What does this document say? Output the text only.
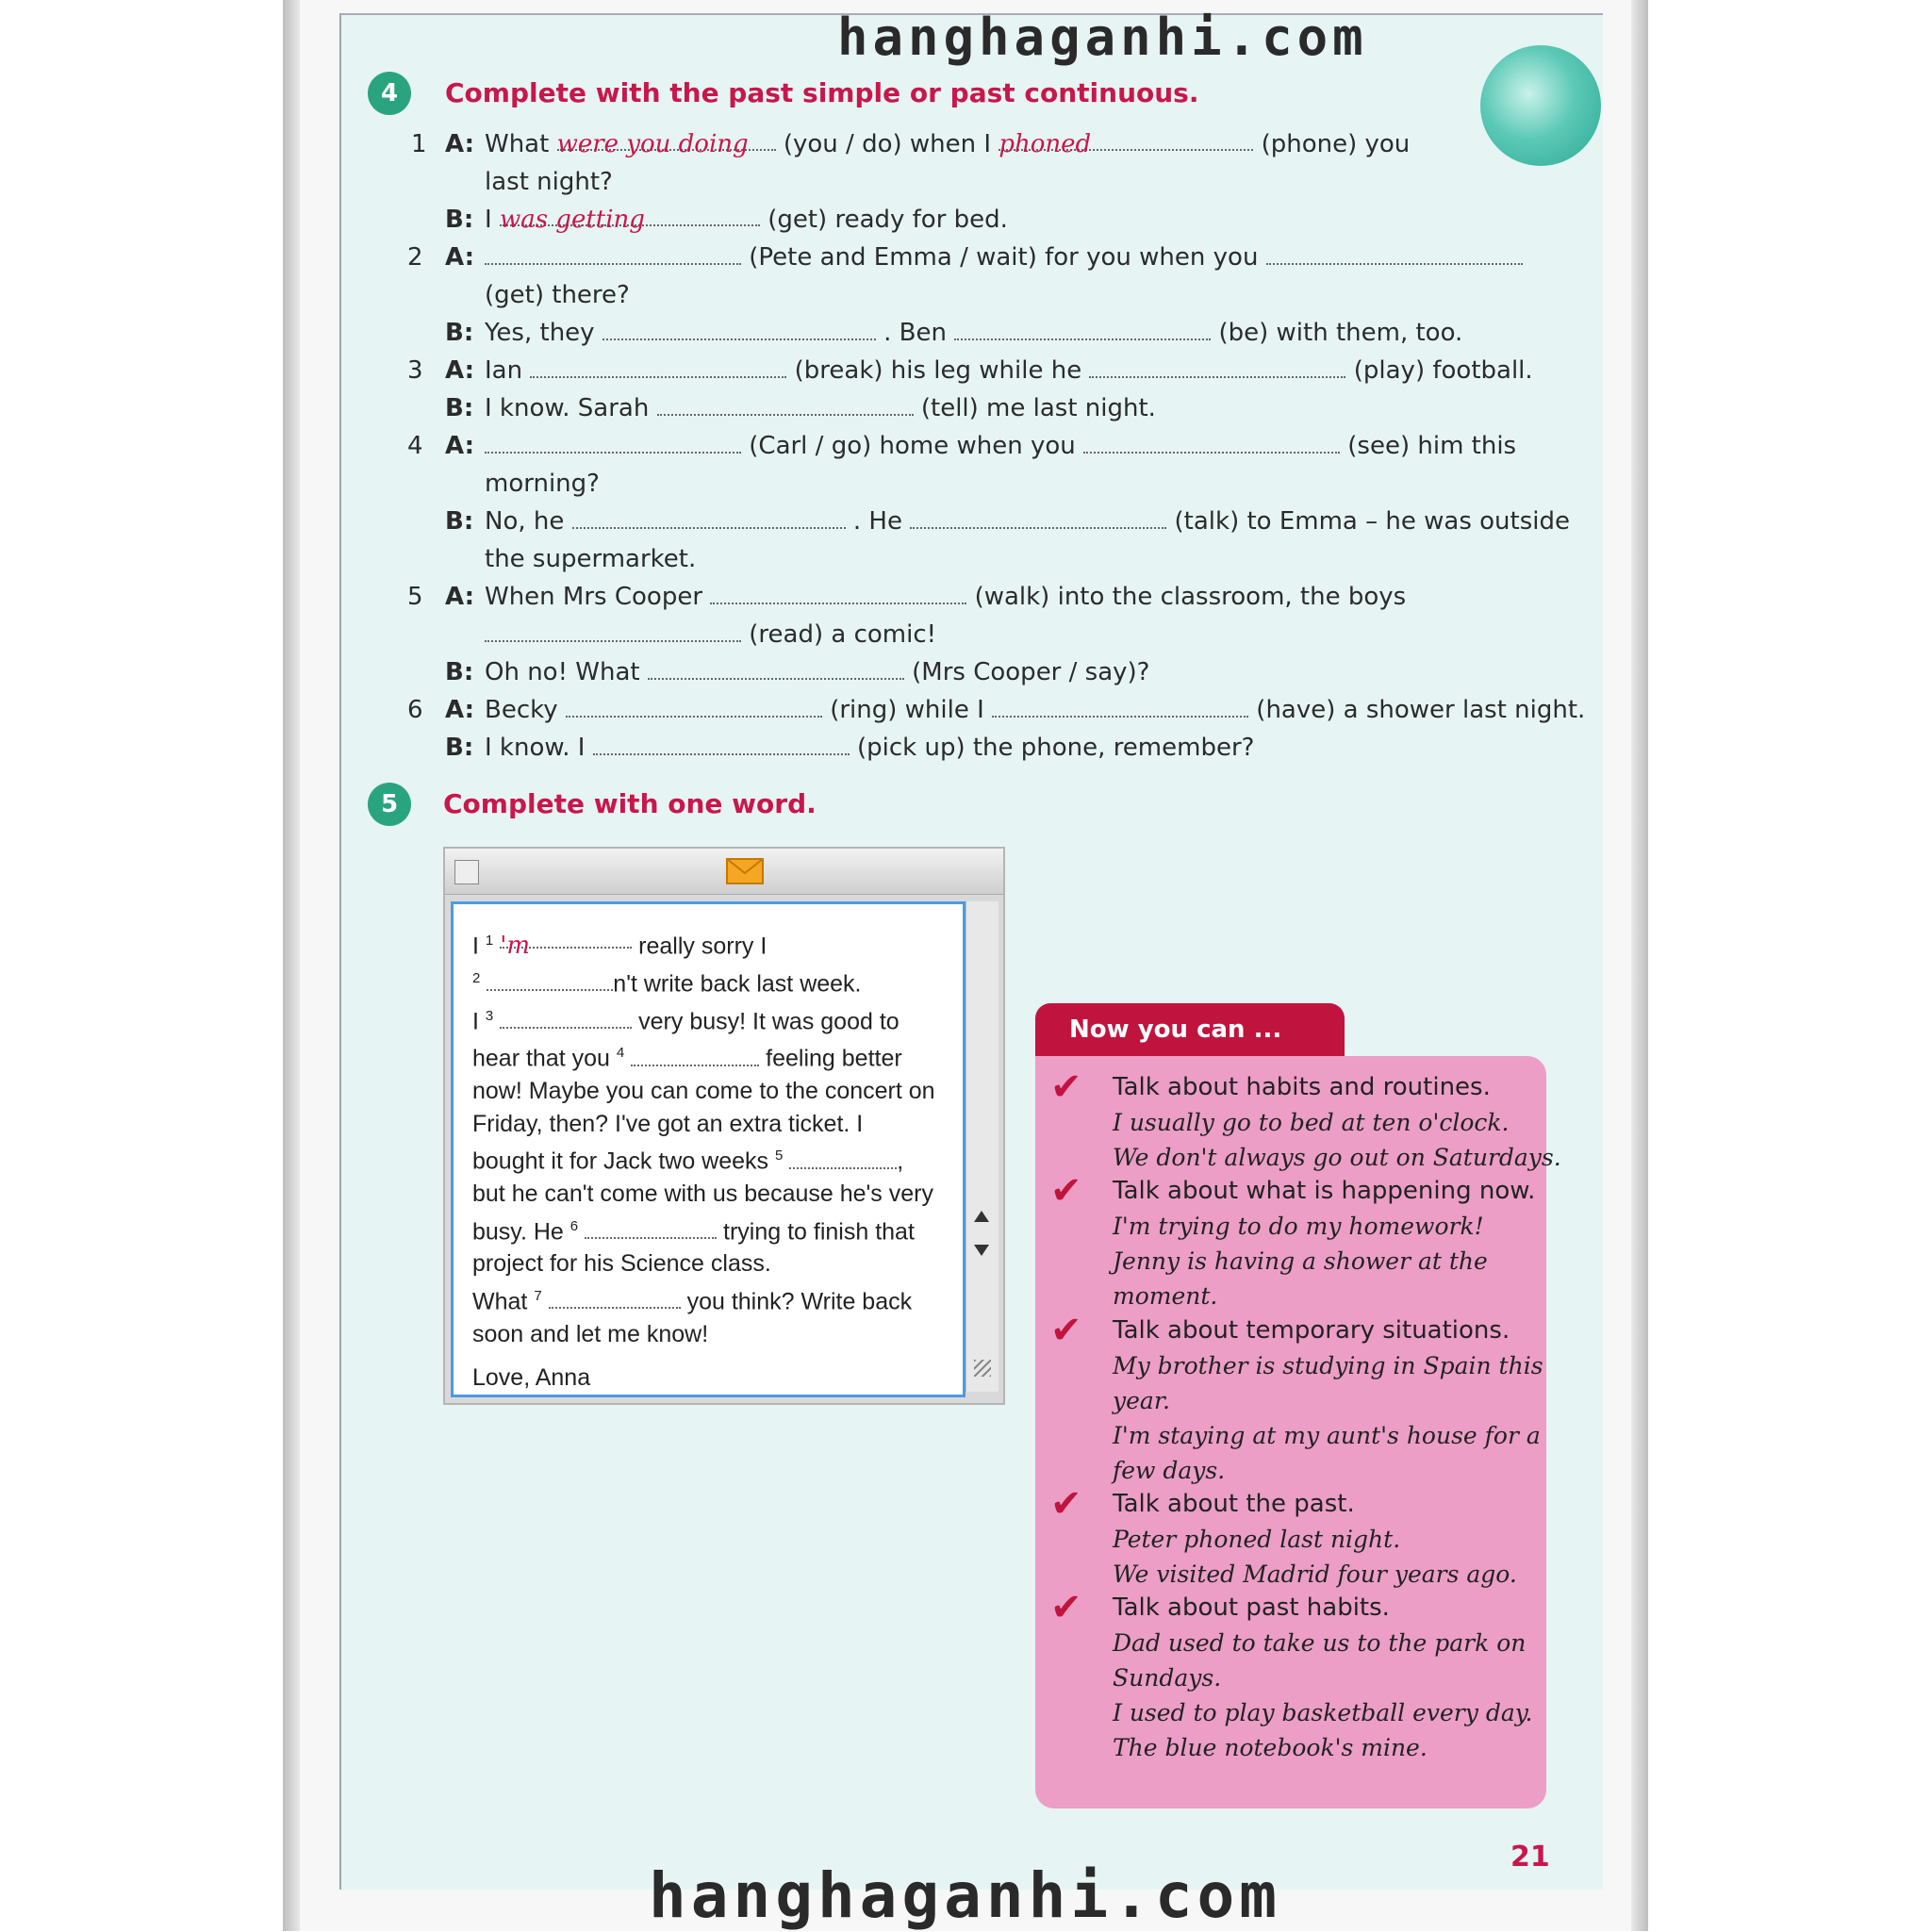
hanghaganhi.com
4	Complete with the past simple or past continuous.
1 A: What were you doing (you / do) when I phoned	(phone) you
last night?
B: I was getting	(get) ready for bed.
2 A:	(Pete and Emma / wait) for you when you
(get) there?
B: Yes, they	. Ben	(be) with them, too.
3 A: Ian	(break) his leg while he	(play) football.
B: I know. Sarah	(tell) me last night.
4 A:	(Carl / go) home when you	(see) him this
morning?
B: No, he	. He	(talk) to Emma – he was outside
the supermarket.
5 A: When Mrs Cooper	(walk) into the classroom, the boys
(read) a comic!
B: Oh no! What	(Mrs Cooper / say)?
6 A: Becky	(ring) while I	(have) a shower last night.
B: I know. I	(pick up) the phone, remember?
5	Complete with one word.
I $^1$ 'm	really sorry I
$^2$	n't write back last week.
I $^3$	very busy! It was good to
hear that you $^4$	feeling better
now! Maybe you can come to the concert on
Friday, then? I've got an extra ticket. I
bought it for Jack two weeks $^5$	,
but he can't come with us because he's very
busy. He $^6$	trying to finish that
project for his Science class.
What $^7$	you think? Write back
soon and let me know!

Love, Anna
Now you can ...
✔ Talk about habits and routines.
I usually go to bed at ten o'clock.
We don't always go out on Saturdays.
✔ Talk about what is happening now.
I'm trying to do my homework!
Jenny is having a shower at the
moment.
✔ Talk about temporary situations.
My brother is studying in Spain this
year.
I'm staying at my aunt's house for a
few days.
✔ Talk about the past.
Peter phoned last night.
We visited Madrid four years ago.
✔ Talk about past habits.
Dad used to take us to the park on
Sundays.
I used to play basketball every day.
The blue notebook's mine.
21
hanghaganhi.com
